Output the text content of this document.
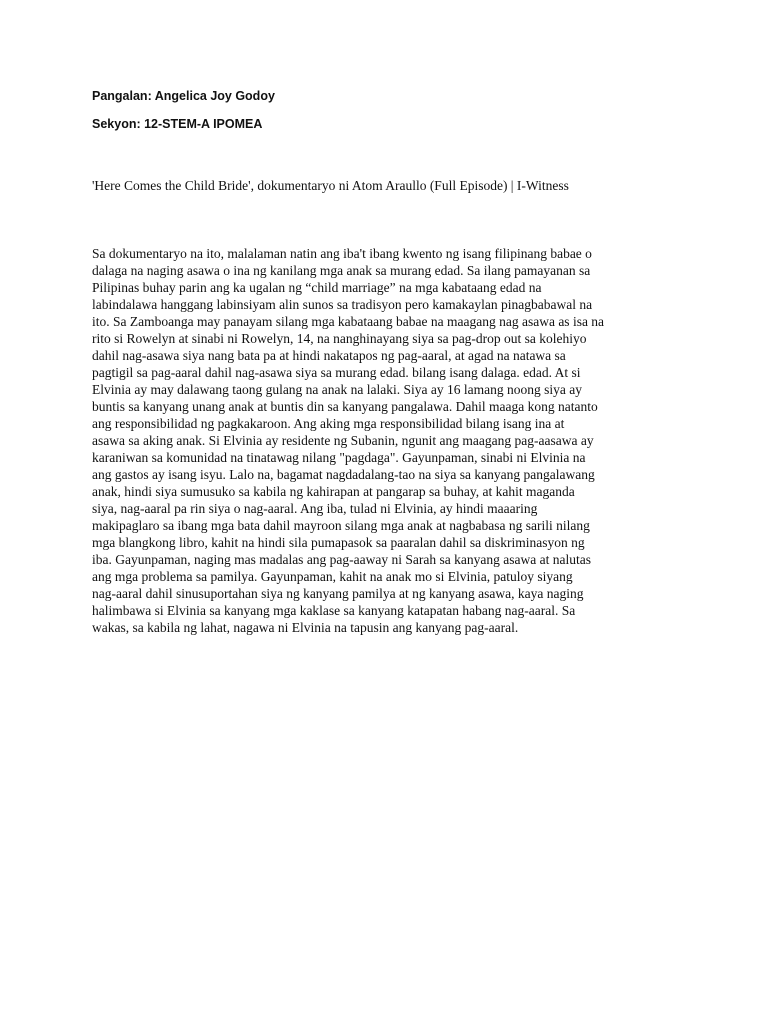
Pangalan: Angelica Joy Godoy
Sekyon: 12-STEM-A IPOMEA
'Here Comes the Child Bride', dokumentaryo ni Atom Araullo (Full Episode) | I-Witness

Sa dokumentaryo na ito, malalaman natin ang iba't ibang kwento ng isang filipinang babae o
dalaga na naging asawa o ina ng kanilang mga anak sa murang edad. Sa ilang pamayanan sa
Pilipinas buhay parin ang ka ugalan ng “child marriage” na mga kabataang edad na
labindalawa hanggang labinsiyam alin sunos sa tradisyon pero kamakaylan pinagbabawal na
ito. Sa Zamboanga may panayam silang mga kabataang babae na maagang nag asawa as isa na
rito si Rowelyn at sinabi ni Rowelyn, 14, na nanghinayang siya sa pag-drop out sa kolehiyo
dahil nag-asawa siya nang bata pa at hindi nakatapos ng pag-aaral, at agad na natawa sa
pagtigil sa pag-aaral dahil nag-asawa siya sa murang edad. bilang isang dalaga. edad. At si
Elvinia ay may dalawang taong gulang na anak na lalaki. Siya ay 16 lamang noong siya ay
buntis sa kanyang unang anak at buntis din sa kanyang pangalawa. Dahil maaga kong natanto
ang responsibilidad ng pagkakaroon. Ang aking mga responsibilidad bilang isang ina at
asawa sa aking anak. Si Elvinia ay residente ng Subanin, ngunit ang maagang pag-aasawa ay
karaniwan sa komunidad na tinatawag nilang "pagdaga". Gayunpaman, sinabi ni Elvinia na
ang gastos ay isang isyu. Lalo na, bagamat nagdadalang-tao na siya sa kanyang pangalawang
anak, hindi siya sumusuko sa kabila ng kahirapan at pangarap sa buhay, at kahit maganda
siya, nag-aaral pa rin siya o nag-aaral. Ang iba, tulad ni Elvinia, ay hindi maaaring
makipaglaro sa ibang mga bata dahil mayroon silang mga anak at nagbabasa ng sarili nilang
mga blangkong libro, kahit na hindi sila pumapasok sa paaralan dahil sa diskriminasyon ng
iba. Gayunpaman, naging mas madalas ang pag-aaway ni Sarah sa kanyang asawa at nalutas
ang mga problema sa pamilya. Gayunpaman, kahit na anak mo si Elvinia, patuloy siyang
nag-aaral dahil sinusuportahan siya ng kanyang pamilya at ng kanyang asawa, kaya naging
halimbawa si Elvinia sa kanyang mga kaklase sa kanyang katapatan habang nag-aaral. Sa
wakas, sa kabila ng lahat, nagawa ni Elvinia na tapusin ang kanyang pag-aaral.
